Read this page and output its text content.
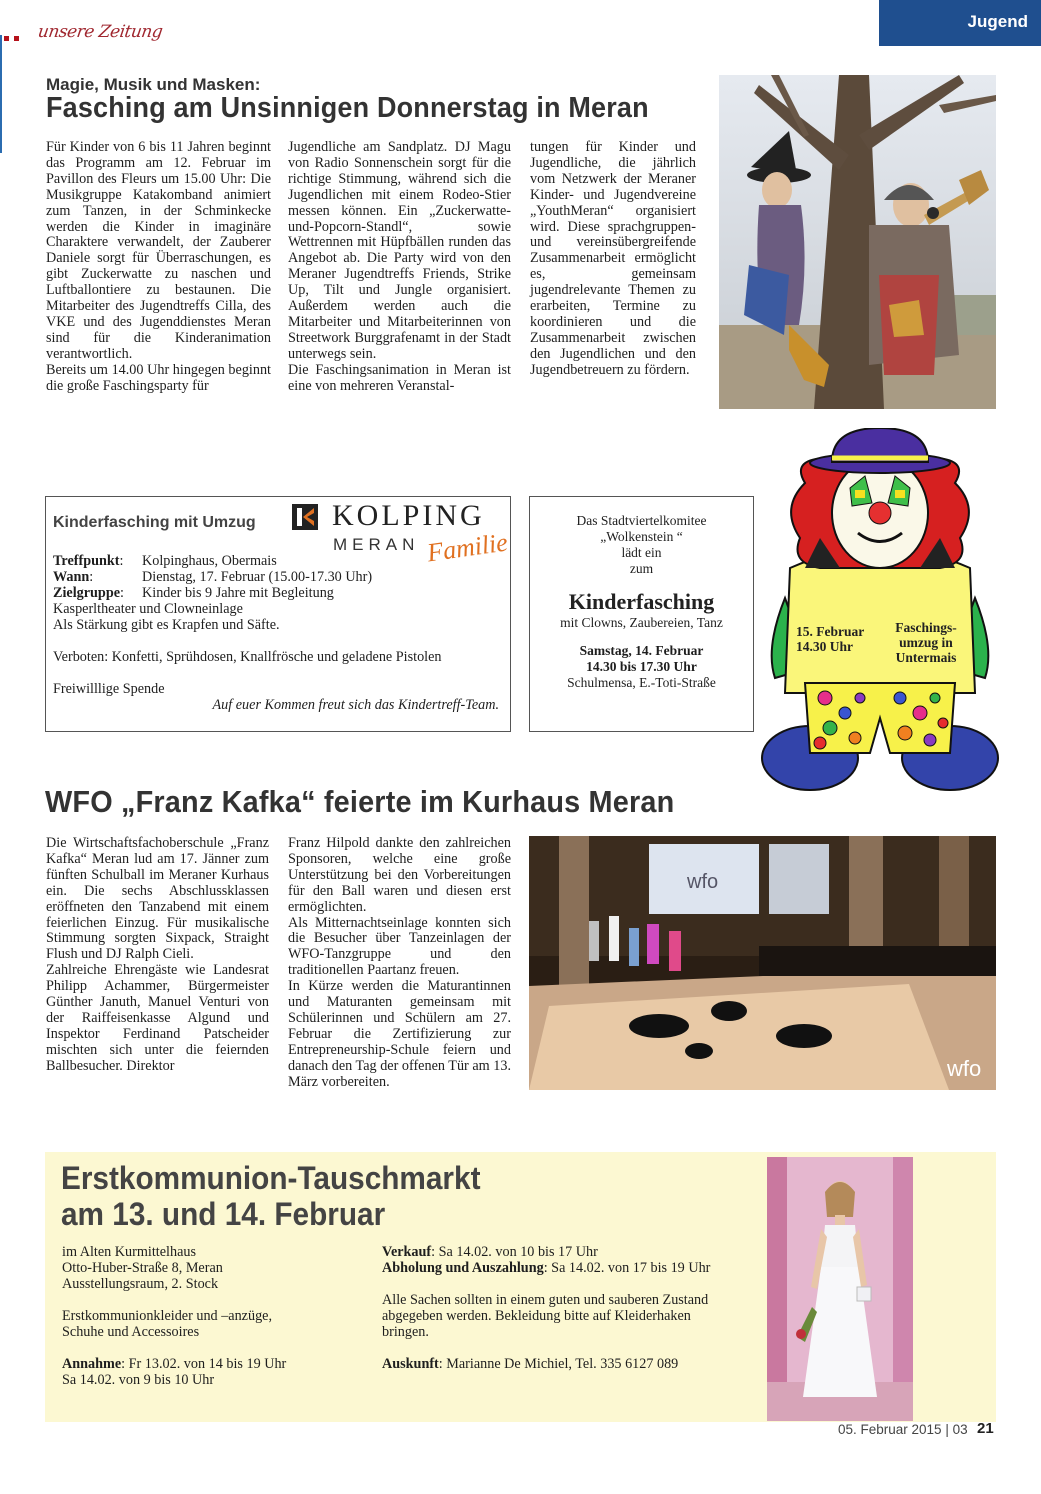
unsere Zeitung
Jugend
Magie, Musik und Masken:
Fasching am Unsinnigen Donnerstag in Meran

Für Kinder von 6 bis 11 Jahren beginnt das Programm am 12. Februar im Pavillon des Fleurs um 15.00 Uhr: Die Musikgruppe Katakomband animiert zum Tanzen, in der Schminkecke werden die Kinder in imaginäre Charaktere verwandelt, der Zauberer Daniele sorgt für Überraschungen, es gibt Zuckerwatte zu naschen und Luftballontiere zu bestaunen. Die Mitarbeiter des Jugendtreffs Cilla, des VKE und des Jugenddienstes Meran sind für die Kinderanimation verantwortlich.

Bereits um 14.00 Uhr hingegen beginnt die große Faschingsparty für

Jugendliche am Sandplatz. DJ Magu von Radio Sonnenschein sorgt für die richtige Stimmung, während sich die Jugendlichen mit einem Rodeo-Stier messen können. Ein „Zuckerwatte-und-Popcorn-Standl“, sowie Wettrennen mit Hüpfbällen runden das Angebot ab. Die Party wird von den Meraner Jugendtreffs Friends, Strike Up, Tilt und Jungle organisiert. Außerdem werden auch die Mitarbeiter und Mitarbeiterinnen von Streetwork Burggrafenamt in der Stadt unterwegs sein.

Die Faschingsanimation in Meran ist eine von mehreren Veranstal-

tungen für Kinder und Jugendliche, die jährlich vom Netzwerk der Meraner Kinder- und Jugendvereine „YouthMeran“ organisiert wird. Diese sprachgruppen- und vereinsübergreifende Zusammenarbeit ermöglicht es, gemeinsam jugendrelevante Themen zu erarbeiten, Termine zu koordinieren und die Zusammenarbeit zwischen den Jugendlichen und den Jugendbetreuern zu fördern.

Kinderfasching mit Umzug	KOLPING
MERAN Familie
Treffpunkt: Kolpinghaus, Obermais
Wann:	Dienstag, 17. Februar (15.00-17.30 Uhr)
Zielgruppe: Kinder bis 9 Jahre mit Begleitung
Kasperltheater und Clowneinlage
Als Stärkung gibt es Krapfen und Säfte.
Verboten: Konfetti, Sprühdosen, Knallfrösche und geladene Pistolen
Freiwilllige Spende
Auf euer Kommen freut sich das Kindertreff-Team.
Das Stadtviertelkomitee
„Wolkenstein “
lädt ein
zum
Kinderfasching
mit Clowns, Zaubereien, Tanz
Samstag, 14. Februar
14.30 bis 17.30 Uhr
Schulmensa, E.-Toti-Straße
15. Februar
14.30 Uhr
Faschings-
umzug in
Untermais
WFO „Franz Kafka“ feierte im Kurhaus Meran

Die Wirtschaftsfachoberschule „Franz Kafka“ Meran lud am 17. Jänner zum fünften Schulball im Meraner Kurhaus ein. Die sechs Abschlussklassen eröffneten den Tanzabend mit einem feierlichen Einzug. Für musikalische Stimmung sorgten Sixpack, Straight Flush und DJ Ralph Cieli.

Zahlreiche Ehrengäste wie Landesrat Philipp Achammer, Bürgermeister Günther Januth, Manuel Venturi von der Raiffeisenkasse Algund und Inspektor Ferdinand Patscheider mischten sich unter die feiernden Ballbesucher. Direktor

Franz Hilpold dankte den zahlreichen Sponsoren, welche eine große Unterstützung bei den Vorbereitungen für den Ball waren und diesen erst ermöglichten.

Als Mitternachtseinlage konnten sich die Besucher über Tanzeinlagen der WFO-Tanzgruppe und den traditionellen Paartanz freuen.

In Kürze werden die Maturantinnen und Maturanten gemeinsam mit Schülerinnen und Schülern am 27. Februar die Zertifizierung zur Entrepreneurship-Schule feiern und danach den Tag der offenen Tür am 13. März vorbereiten.

wfo
wfo
Erstkommunion-Tauschmarkt
am 13. und 14. Februar
im Alten Kurmittelhaus
Otto-Huber-Straße 8, Meran
Ausstellungsraum, 2. Stock
Erstkommunionkleider und –anzüge,
Schuhe und Accessoires
Annahme: Fr 13.02. von 14 bis 19 Uhr
Sa 14.02. von 9 bis 10 Uhr
Verkauf: Sa 14.02. von 10 bis 17 Uhr
Abholung und Auszahlung: Sa 14.02. von 17 bis 19 Uhr
Alle Sachen sollten in einem guten und sauberen Zustand
abgegeben werden. Bekleidung bitte auf Kleiderhaken
bringen.
Auskunft: Marianne De Michiel, Tel. 335 6127 089
05. Februar 2015 | 03 21
